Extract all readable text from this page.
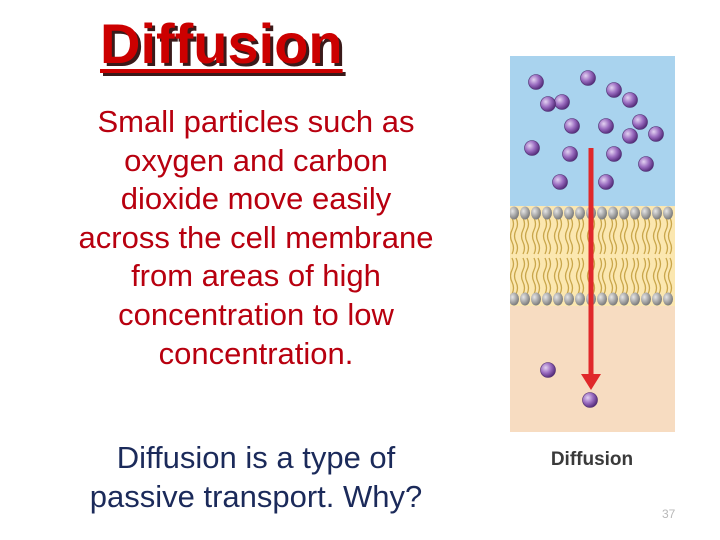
Diffusion
Small particles such as
oxygen and carbon
dioxide move easily
across the cell membrane
from areas of high
concentration to low
concentration.
Diffusion is a type of
passive transport. Why?
Diffusion
37
